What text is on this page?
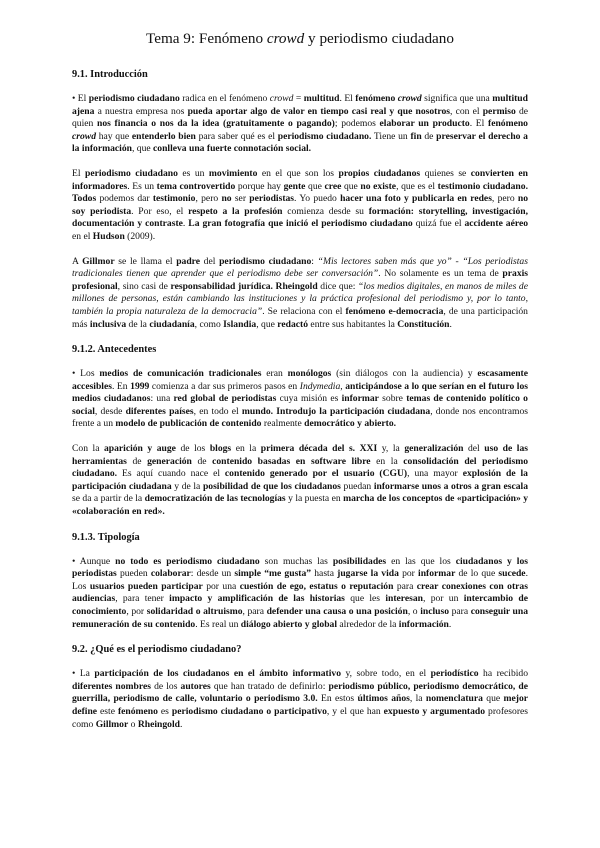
Tema 9: Fenómeno crowd y periodismo ciudadano
9.1. Introducción

• El periodismo ciudadano radica en el fenómeno crowd = multitud. El fenómeno crowd significa que una multitud ajena a nuestra empresa nos pueda aportar algo de valor en tiempo casi real y que nosotros, con el permiso de quien nos financia o nos da la idea (gratuitamente o pagando); podemos elaborar un producto. El fenómeno crowd hay que entenderlo bien para saber qué es el periodismo ciudadano. Tiene un fin de preservar el derecho a la información, que conlleva una fuerte connotación social.

El periodismo ciudadano es un movimiento en el que son los propios ciudadanos quienes se convierten en informadores. Es un tema controvertido porque hay gente que cree que no existe, que es el testimonio ciudadano. Todos podemos dar testimonio, pero no ser periodistas. Yo puedo hacer una foto y publicarla en redes, pero no soy periodista. Por eso, el respeto a la profesión comienza desde su formación: storytelling, investigación, documentación y contraste. La gran fotografía que inició el periodismo ciudadano quizá fue el accidente aéreo en el Hudson (2009).

A Gillmor se le llama el padre del periodismo ciudadano: “Mis lectores saben más que yo” - “Los periodistas tradicionales tienen que aprender que el periodismo debe ser conversación”. No solamente es un tema de praxis profesional, sino casi de responsabilidad jurídica. Rheingold dice que: “los medios digitales, en manos de miles de millones de personas, están cambiando las instituciones y la práctica profesional del periodismo y, por lo tanto, también la propia naturaleza de la democracia”. Se relaciona con el fenómeno e-democracia, de una participación más inclusiva de la ciudadanía, como Islandia, que redactó entre sus habitantes la Constitución.

9.1.2. Antecedentes

• Los medios de comunicación tradicionales eran monólogos (sin diálogos con la audiencia) y escasamente accesibles. En 1999 comienza a dar sus primeros pasos en Indymedia, anticipándose a lo que serían en el futuro los medios ciudadanos: una red global de periodistas cuya misión es informar sobre temas de contenido político o social, desde diferentes países, en todo el mundo. Introdujo la participación ciudadana, donde nos encontramos frente a un modelo de publicación de contenido realmente democrático y abierto.

Con la aparición y auge de los blogs en la primera década del s. XXI y, la generalización del uso de las herramientas de generación de contenido basadas en software libre en la consolidación del periodismo ciudadano. Es aquí cuando nace el contenido generado por el usuario (CGU), una mayor explosión de la participación ciudadana y de la posibilidad de que los ciudadanos puedan informarse unos a otros a gran escala se da a partir de la democratización de las tecnologías y la puesta en marcha de los conceptos de «participación» y «colaboración en red».

9.1.3. Tipología

• Aunque no todo es periodismo ciudadano son muchas las posibilidades en las que los ciudadanos y los periodistas pueden colaborar: desde un simple “me gusta” hasta jugarse la vida por informar de lo que sucede. Los usuarios pueden participar por una cuestión de ego, estatus o reputación para crear conexiones con otras audiencias, para tener impacto y amplificación de las historias que les interesan, por un intercambio de conocimiento, por solidaridad o altruismo, para defender una causa o una posición, o incluso para conseguir una remuneración de su contenido. Es real un diálogo abierto y global alrededor de la información.

9.2. ¿Qué es el periodismo ciudadano?

• La participación de los ciudadanos en el ámbito informativo y, sobre todo, en el periodístico ha recibido diferentes nombres de los autores que han tratado de definirlo: periodismo público, periodismo democrático, de guerrilla, periodismo de calle, voluntario o periodismo 3.0. En estos últimos años, la nomenclatura que mejor define este fenómeno es periodismo ciudadano o participativo, y el que han expuesto y argumentado profesores como Gillmor o Rheingold.
